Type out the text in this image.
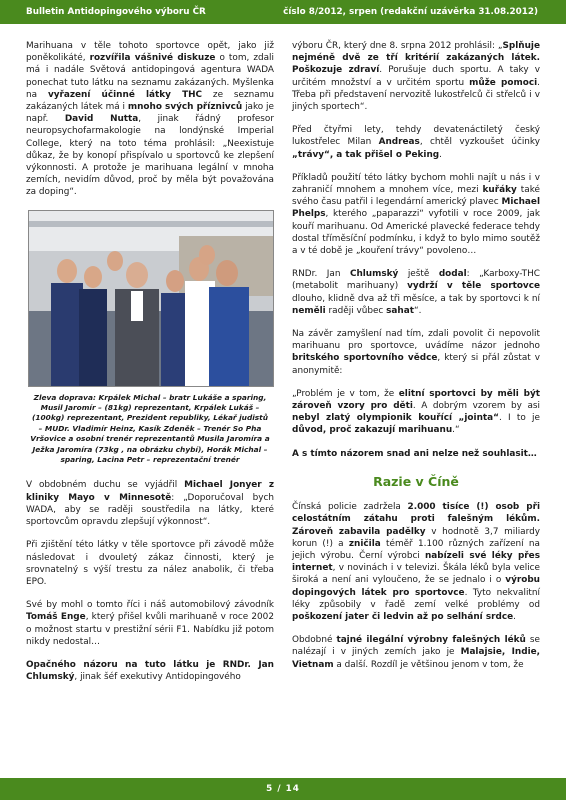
Bulletin Antidopingového výboru ČR	číslo 8/2012, srpen (redakční uzávěrka 31.08.2012)

Marihuana v těle tohoto sportovce opět, jako již poněkolikáté, rozvířila vášnivé diskuze o tom, zdali má i nadále Světová antidopingová agentura WADA ponechat tuto látku na seznamu zakázaných. Myšlenka na vyřazení účinné látky THC ze seznamu zakázaných látek má i mnoho svých příznivců jako je např. David Nutta, jinak řádný profesor neuropsychofarmakologie na londýnské Imperial College, který na toto téma prohlásil: „Neexistuje důkaz, že by konopí přispívalo u sportovců ke zlepšení výkonnosti. A protože je marihuana legální v mnoha zemích, nevidím důvod, proč by měla být považována za doping“.

Zleva doprava: Krpálek Michal – bratr Lukáše a sparing, Musil Jaromír – (81kg) reprezentant, Krpálek Lukáš – (100kg) reprezentant, Prezident republiky, Lékař judistů – MUDr. Vladimír Heinz, Kasík Zdeněk – Trenér So Pha Vršovice a osobní trenér reprezentantů Musila Jaromíra a Ježka Jaromíra (73kg , na obrázku chybí), Horák Michal – sparing, Lacina Petr – reprezentační trenér

V obdobném duchu se vyjádřil Michael Jonyer z kliniky Mayo v Minnesotě: „Doporučoval bych WADA, aby se raději soustředila na látky, které sportovcům opravdu zlepšují výkonnost“.

Při zjištění této látky v těle sportovce při závodě může následovat i dvouletý zákaz činnosti, který je srovnatelný s výší trestu za nález anabolik, či třeba EPO.

Své by mohl o tomto říci i náš automobilový závodník Tomáš Enge, který přišel kvůli marihuaně v roce 2002 o možnost startu v prestižní sérii F1. Nabídku již potom nikdy nedostal…

Opačného názoru na tuto látku je RNDr. Jan Chlumský, jinak šéf exekutivy Antidopingového

výboru ČR, který dne 8. srpna 2012 prohlásil: „Splňuje nejméně dvě ze tří kritérií zakázaných látek. Poškozuje zdraví. Porušuje duch sportu. A taky v určitém množství a v určitém sportu může pomoci. Třeba při představení nervozitě lukostřelců či střelců i v jiných sportech“.

Před čtyřmi lety, tehdy devatenáctiletý český lukostřelec Milan Andreas, chtěl vyzkoušet účinky „trávy“, a tak přišel o Peking.

Příkladů použití této látky bychom mohli najít u nás i v zahraničí mnohem a mnohem více, mezi kuřáky také svého času patřil i legendární americký plavec Michael Phelps, kterého „paparazzi“ vyfotili v roce 2009, jak kouří marihuanu. Od Americké plavecké federace tehdy dostal tříměsíční podmínku, i když to bylo mimo soutěž a v té době je „kouření trávy“ povoleno…

RNDr. Jan Chlumský ještě dodal: „Karboxy-THC (metabolit marihuany) vydrží v těle sportovce dlouho, klidně dva až tři měsíce, a tak by sportovci k ní neměli raději vůbec sahat“.

Na závěr zamyšlení nad tím, zdali povolit či nepovolit marihuanu pro sportovce, uvádíme názor jednoho britského sportovního vědce, který si přál zůstat v anonymitě:

„Problém je v tom, že elitní sportovci by měli být zároveň vzory pro děti. A dobrým vzorem by asi nebyl zlatý olympionik kouřící „jointa“. I to je důvod, proč zakazují marihuanu.“

A s tímto názorem snad ani nelze než souhlasit…

Razie v Číně

Čínská policie zadržela 2.000 tisíce (!) osob při celostátním zátahu proti falešným lékům. Zároveň zabavila padělky v hodnotě 3,7 miliardy korun (!) a zničila téměř 1.100 různých zařízení na jejich výrobu. Černí výrobci nabízeli své léky přes internet, v novinách i v televizi. Škála léků byla velice široká a není ani vyloučeno, že se jednalo i o výrobu dopingových látek pro sportovce. Tyto nekvalitní léky způsobily v řadě zemí velké problémy od poškození jater či ledvin až po selhání srdce.

Obdobné tajné ilegální výrobny falešných léků se nalézají i v jiných zemích jako je Malajsie, Indie, Vietnam a další. Rozdíl je většinou jenom v tom, že

5 / 14
